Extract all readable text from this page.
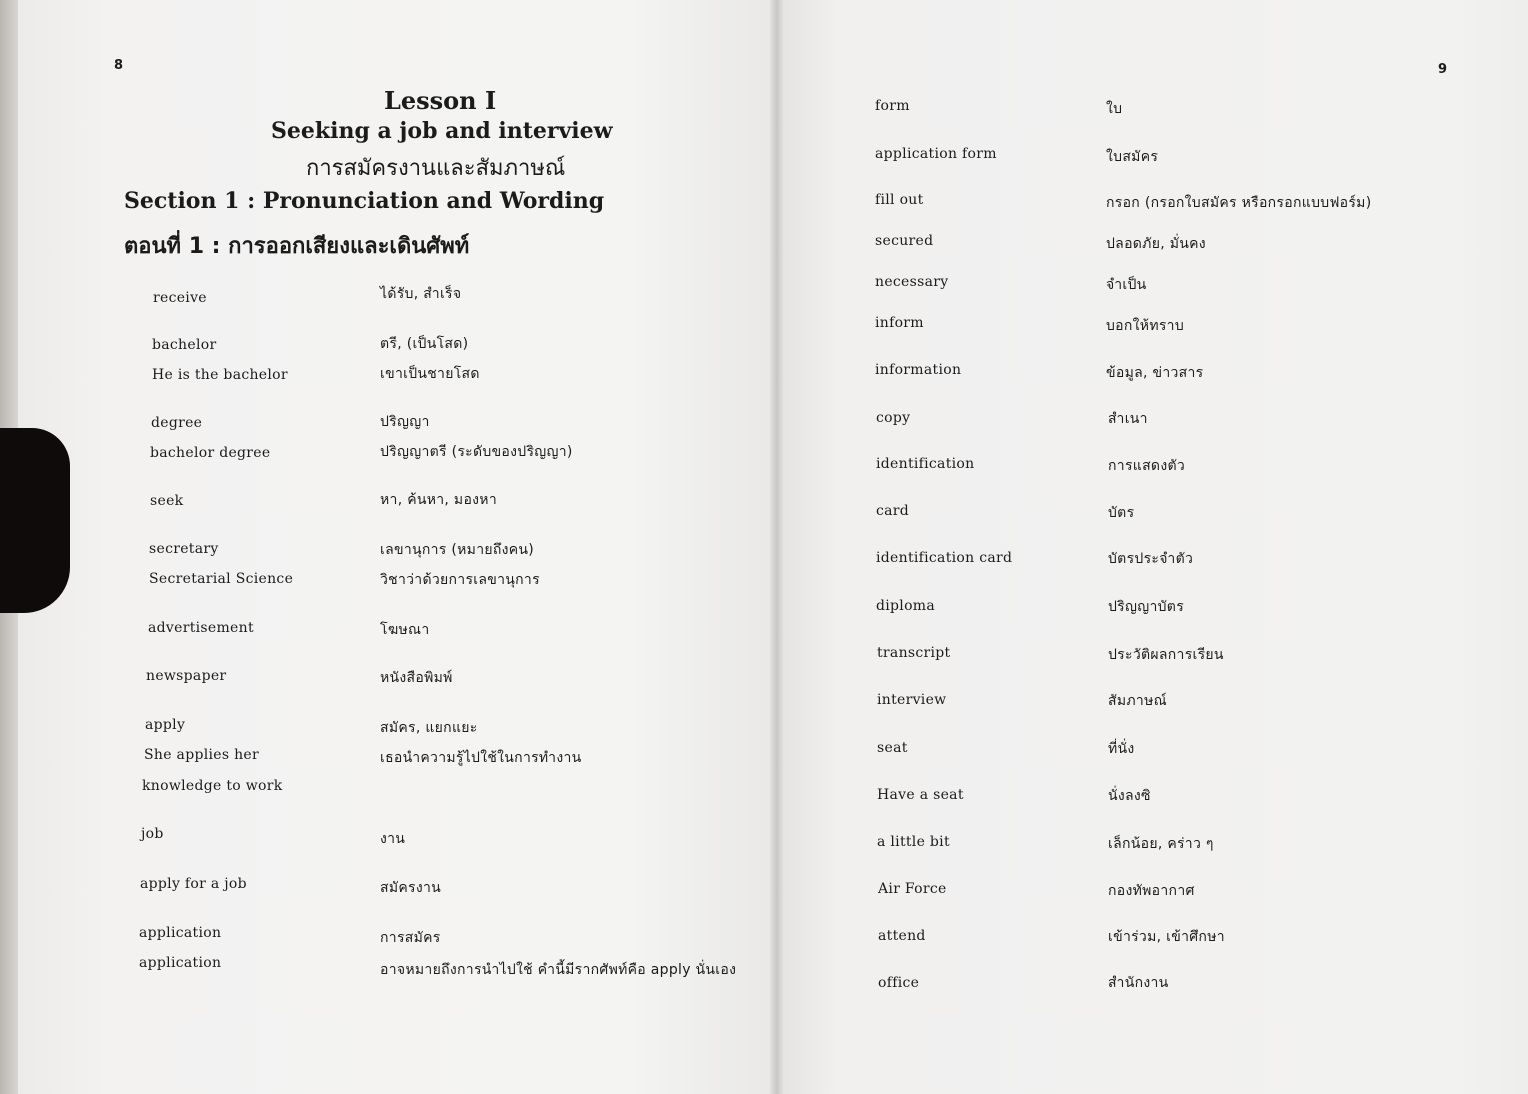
8
Lesson I
Seeking a job and interview
การสมัครงานและสัมภาษณ์
Section 1 : Pronunciation and Wording
ตอนที่ 1 : การออกเสียงและเดินศัพท์
receive	ได้รับ, สำเร็จ
bachelor	ตรี, (เป็นโสด)
He is the bachelor	เขาเป็นชายโสด
degree	ปริญญา
bachelor degree	ปริญญาตรี (ระดับของปริญญา)
seek	หา, ค้นหา, มองหา
secretary	เลขานุการ (หมายถึงคน)
Secretarial Science	วิชาว่าด้วยการเลขานุการ
advertisement	โฆษณา
newspaper	หนังสือพิมพ์
apply	สมัคร, แยกแยะ
She applies her	เธอนำความรู้ไปใช้ในการทำงาน
knowledge to work
job	งาน
apply for a job	สมัครงาน
application	การสมัคร
application	อาจหมายถึงการนำไปใช้ คำนี้มีรากศัพท์คือ apply นั่นเอง
9
form	ใบ
application form	ใบสมัคร
fill out	กรอก (กรอกใบสมัคร หรือกรอกแบบฟอร์ม)
secured	ปลอดภัย, มั่นคง
necessary	จำเป็น
inform	บอกให้ทราบ
information	ข้อมูล, ข่าวสาร
copy	สำเนา
identification	การแสดงตัว
card	บัตร
identification card	บัตรประจำตัว
diploma	ปริญญาบัตร
transcript	ประวัติผลการเรียน
interview	สัมภาษณ์
seat	ที่นั่ง
Have a seat	นั่งลงซิ
a little bit	เล็กน้อย, คร่าว ๆ
Air Force	กองทัพอากาศ
attend	เข้าร่วม, เข้าศึกษา
office	สำนักงาน
